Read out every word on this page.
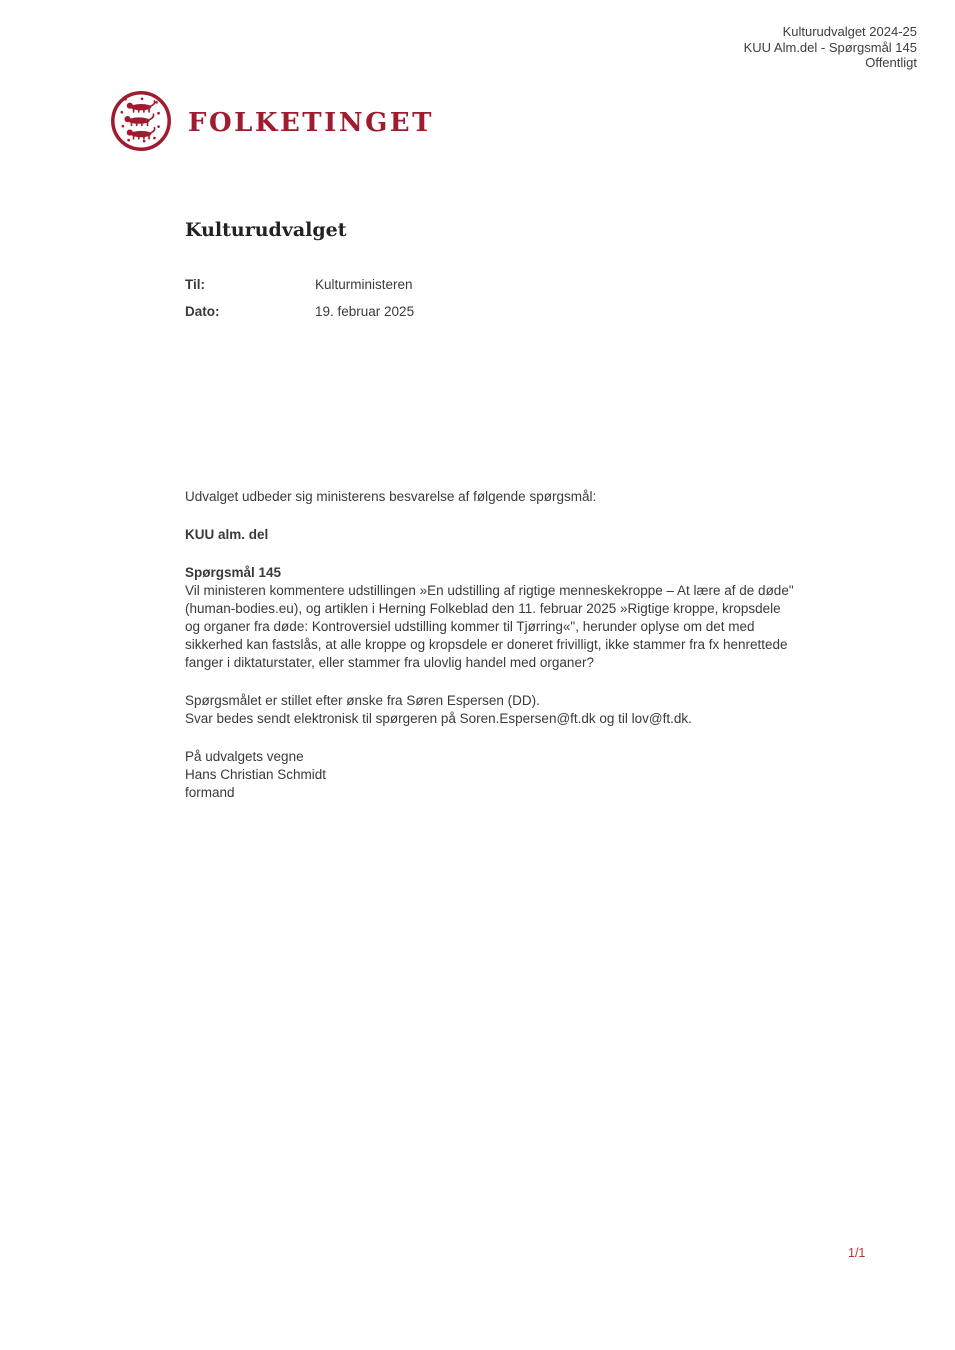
Kulturudvalget 2024-25
KUU Alm.del - Spørgsmål 145
Offentligt
FOLKETINGET
Kulturudvalget
Til:	Kulturministeren
Dato:	19. februar 2025
Udvalget udbeder sig ministerens besvarelse af følgende spørgsmål:
KUU alm. del
Spørgsmål 145
Vil ministeren kommentere udstillingen »En udstilling af rigtige menneskekroppe – At lære af de døde" (human-bodies.eu), og artiklen i Herning Folkeblad den 11. februar 2025 »Rigtige kroppe, kropsdele og organer fra døde: Kontroversiel udstilling kommer til Tjørring«", herunder oplyse om det med sikkerhed kan fastslås, at alle kroppe og kropsdele er doneret frivilligt, ikke stammer fra fx henrettede fanger i diktaturstater, eller stammer fra ulovlig handel med organer?
Spørgsmålet er stillet efter ønske fra Søren Espersen (DD).
Svar bedes sendt elektronisk til spørgeren på Soren.Espersen@ft.dk og til lov@ft.dk.
På udvalgets vegne
Hans Christian Schmidt
formand
1/1
